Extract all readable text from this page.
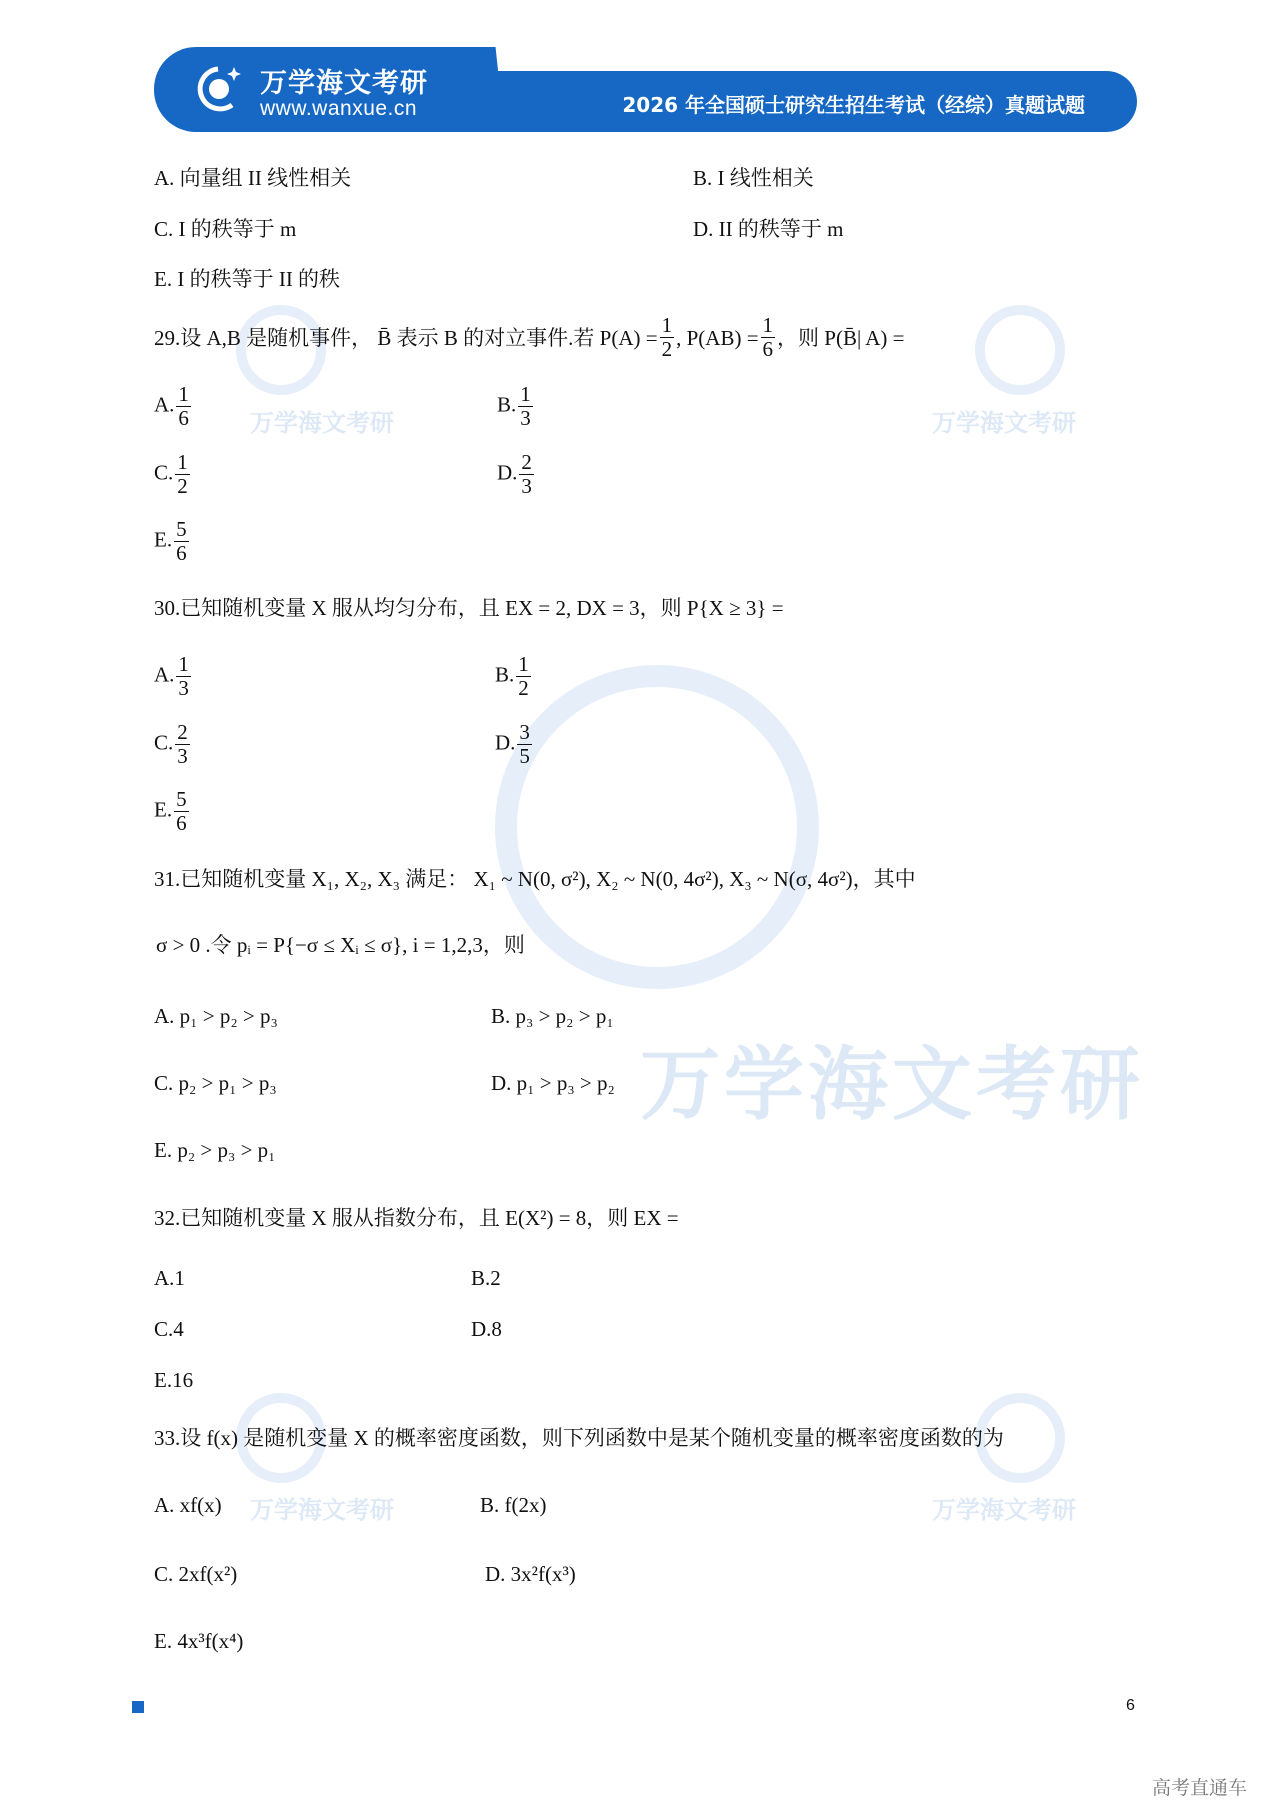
万学海文考研
万学海文考研	万学海文考研
万学海文考研	万学海文考研
万学海文考研
www.wanxue.cn	2026 年全国硕士研究生招生考试（经综）真题试题
A. 向量组 II 线性相关	B. I 线性相关
C. I 的秩等于 m	D. II 的秩等于 m
E. I 的秩等于 II 的秩
29.设 A,B 是随机事件， B̄ 表示 B 的对立事件.若 $P(A) = \frac{1}{2}$ , $P(AB) = \frac{1}{6}$ ，则 P(B̄| A) =
A. $\frac{1}{6}$	B. $\frac{1}{3}$
C. $\frac{1}{2}$	D. $\frac{2}{3}$
E. $\frac{5}{6}$
30.已知随机变量 X 服从均匀分布，且 EX = 2, DX = 3，则 P{X ≥ 3} =
A. $\frac{1}{3}$	B. $\frac{1}{2}$
C. $\frac{2}{3}$	D. $\frac{3}{5}$
E. $\frac{5}{6}$
31.已知随机变量 X₁, X₂, X₃ 满足： X₁ ~ N(0, σ²), X₂ ~ N(0, 4σ²), X₃ ~ N(σ, 4σ²)，其中
σ > 0 .令 pᵢ = P{−σ ≤ Xᵢ ≤ σ}, i = 1,2,3，则
A. p₁ > p₂ > p₃	B. p₃ > p₂ > p₁
C. p₂ > p₁ > p₃	D. p₁ > p₃ > p₂
E. p₂ > p₃ > p₁
32.已知随机变量 X 服从指数分布，且 E(X²) = 8，则 EX =
A.1	B.2
C.4	D.8
E.16
33.设 f(x) 是随机变量 X 的概率密度函数，则下列函数中是某个随机变量的概率密度函数的为
A. xf(x)	B. f(2x)
C. 2xf(x²)	D. 3x²f(x³)
E. 4x³f(x⁴)
6
高考直通车
